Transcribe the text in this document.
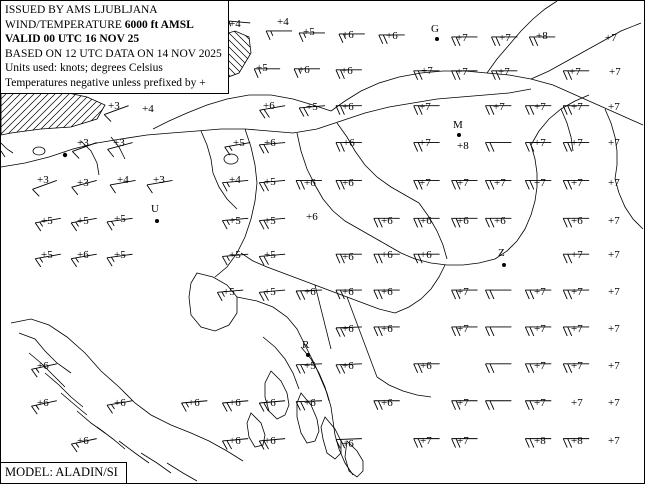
+4	+4
+5 +6	+6	+7	+7 +8	+7
+5	+6	+6	+7 +7	+7	+7	+7
+3 +4	+6	+5 +6	+7	+7	+7 +7 +7
+3 +3	+5 +6	+6	+7 +8	+7 +7 +7
+3	+3	+4 +3	+4 +5	+6 +6	+7 +7 +7	+7 +7 +7
+5 +5 +5	+5 +5	+6	+6 +6 +6 +6	+6 +7
+5 +6 +5	+5 +5	+6 +6 +6	+7 +7
+5	+5	+6 +6 +6	+7	+7 +7 +7
+6 +6	+7	+7 +7 +7
+6	+5 +6	+6	+7 +7 +7
+6	+6	+6	+6 +6	+6	+6	+7	+7 +7 +7
+6	+6 +6	+6	+7 +7	+8 +8 +7
G
M
U
Z
R
ISSUED BY AMS LJUBLJANA
WIND/TEMPERATURE 6000 ft AMSL
VALID 00 UTC 16 NOV 25
BASED ON 12 UTC DATA ON 14 NOV 2025
Units used: knots; degrees Celsius
Temperatures negative unless prefixed by +
MODEL: ALADIN/SI
